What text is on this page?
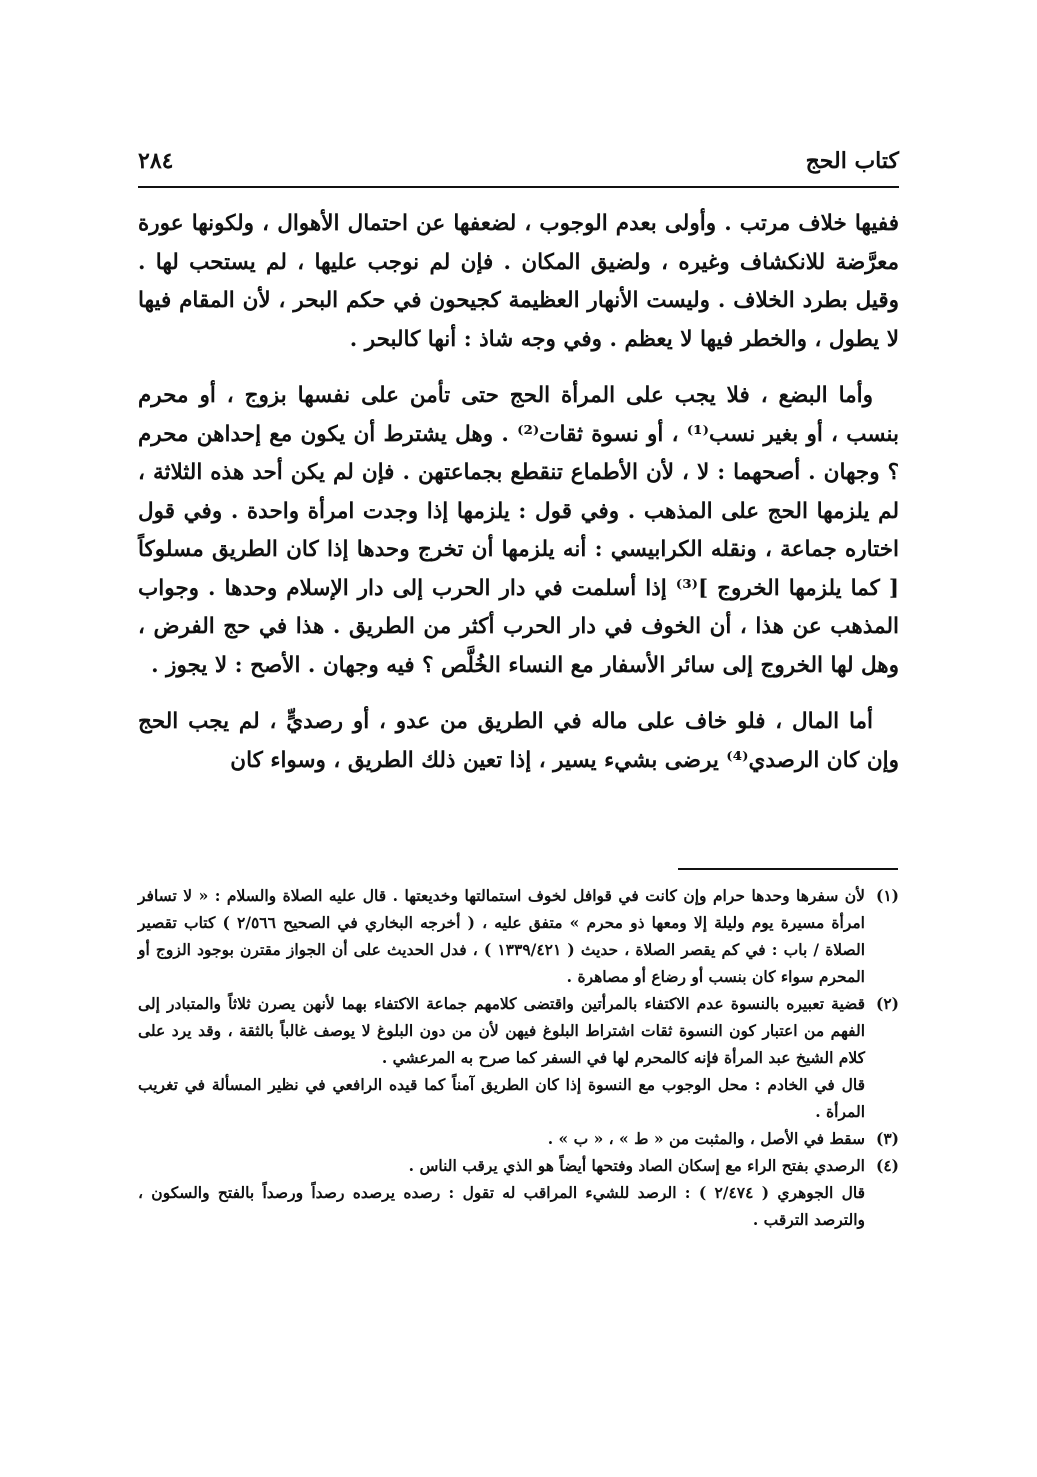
كتاب الحج
٢٨٤

ففيها خلاف مرتب . وأولى بعدم الوجوب ، لضعفها عن احتمال الأهوال ، ولكونها عورة معرَّضة للانكشاف وغيره ، ولضيق المكان . فإن لم نوجب عليها ، لم يستحب لها . وقيل بطرد الخلاف . وليست الأنهار العظيمة كجيحون في حكم البحر ، لأن المقام فيها لا يطول ، والخطر فيها لا يعظم . وفي وجه شاذ : أنها كالبحر .

وأما البضع ، فلا يجب على المرأة الحج حتى تأمن على نفسها بزوج ، أو محرم بنسب ، أو بغير نسب⁽¹⁾ ، أو نسوة ثقات⁽²⁾ . وهل يشترط أن يكون مع إحداهن محرم ؟ وجهان . أصحهما : لا ، لأن الأطماع تنقطع بجماعتهن . فإن لم يكن أحد هذه الثلاثة ، لم يلزمها الحج على المذهب . وفي قول : يلزمها إذا وجدت امرأة واحدة . وفي قول اختاره جماعة ، ونقله الكرابيسي : أنه يلزمها أن تخرج وحدها إذا كان الطريق مسلوكاً [ كما يلزمها الخروج ]⁽³⁾ إذا أسلمت في دار الحرب إلى دار الإسلام وحدها . وجواب المذهب عن هذا ، أن الخوف في دار الحرب أكثر من الطريق . هذا في حج الفرض ، وهل لها الخروج إلى سائر الأسفار مع النساء الخُلَّص ؟ فيه وجهان . الأصح : لا يجوز .

أما المال ، فلو خاف على ماله في الطريق من عدو ، أو رصديٍّ ، لم يجب الحج وإن كان الرصدي⁽⁴⁾ يرضى بشيء يسير ، إذا تعين ذلك الطريق ، وسواء كان

(١)
لأن سفرها وحدها حرام وإن كانت في قوافل لخوف استمالتها وخديعتها . قال عليه الصلاة والسلام : « لا تسافر امرأة مسيرة يوم وليلة إلا ومعها ذو محرم » متفق عليه ، ( أخرجه البخاري في الصحيح ٢/٥٦٦ ) كتاب تقصير الصلاة / باب : في كم يقصر الصلاة ، حديث ( ١٣٣٩/٤٢١ ) ، فدل الحديث على أن الجواز مقترن بوجود الزوج أو المحرم سواء كان بنسب أو رضاع أو مصاهرة .
(٢)
قضية تعبيره بالنسوة عدم الاكتفاء بالمرأتين واقتضى كلامهم جماعة الاكتفاء بهما لأنهن يصرن ثلاثاً والمتبادر إلى الفهم من اعتبار كون النسوة ثقات اشتراط البلوغ فيهن لأن من دون البلوغ لا يوصف غالباً بالثقة ، وقد يرد على كلام الشيخ عبد المرأة فإنه كالمحرم لها في السفر كما صرح به المرعشي .
قال في الخادم : محل الوجوب مع النسوة إذا كان الطريق آمناً كما قيده الرافعي في نظير المسألة في تغريب المرأة .
(٣)
سقط في الأصل ، والمثبت من « ط » ، « ب » .
(٤)
الرصدي بفتح الراء مع إسكان الصاد وفتحها أيضاً هو الذي يرقب الناس .
قال الجوهري ( ٢/٤٧٤ ) : الرصد للشيء المراقب له تقول : رصده يرصده رصداً ورصداً بالفتح والسكون ، والترصد الترقب .
